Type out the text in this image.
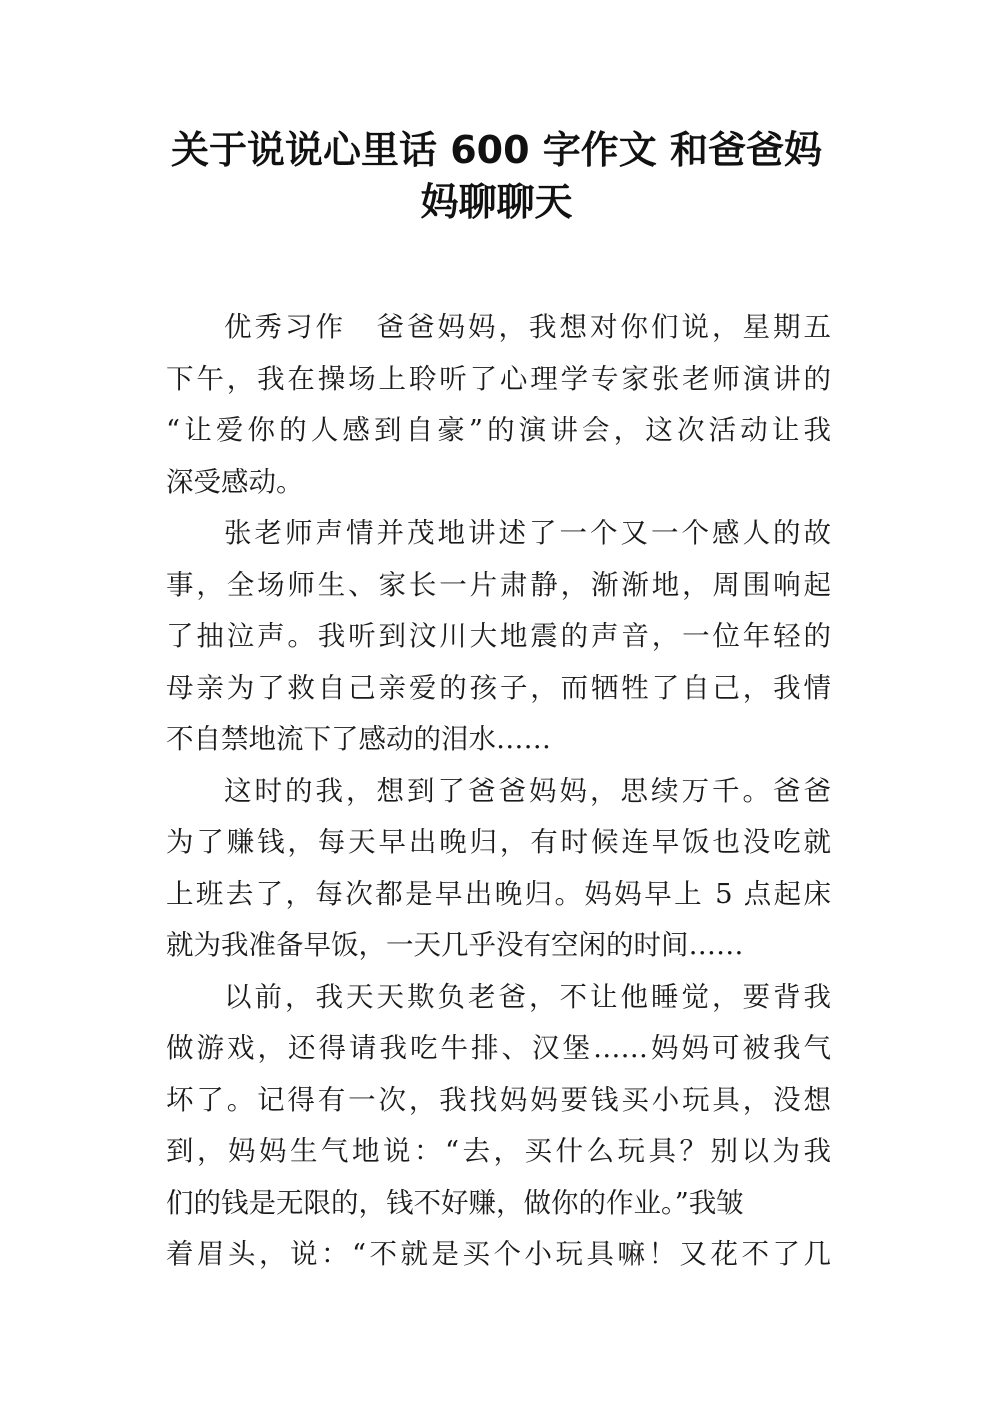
关于说说心里话 600 字作文 和爸爸妈
妈聊聊天
优秀习作　爸爸妈妈，我想对你们说，星期五
下午，我在操场上聆听了心理学专家张老师演讲的
“让爱你的人感到自豪”的演讲会，这次活动让我
深受感动。
张老师声情并茂地讲述了一个又一个感人的故
事，全场师生、家长一片肃静，渐渐地，周围响起
了抽泣声。我听到汶川大地震的声音，一位年轻的
母亲为了救自己亲爱的孩子，而牺牲了自己，我情
不自禁地流下了感动的泪水……
这时的我，想到了爸爸妈妈，思续万千。爸爸
为了赚钱，每天早出晚归，有时候连早饭也没吃就
上班去了，每次都是早出晚归。妈妈早上 5 点起床
就为我准备早饭，一天几乎没有空闲的时间……
以前，我天天欺负老爸，不让他睡觉，要背我
做游戏，还得请我吃牛排、汉堡……妈妈可被我气
坏了。记得有一次，我找妈妈要钱买小玩具，没想
到，妈妈生气地说：“去，买什么玩具？别以为我
们的钱是无限的，钱不好赚，做你的作业。”我皱
着眉头，说：“不就是买个小玩具嘛！又花不了几
